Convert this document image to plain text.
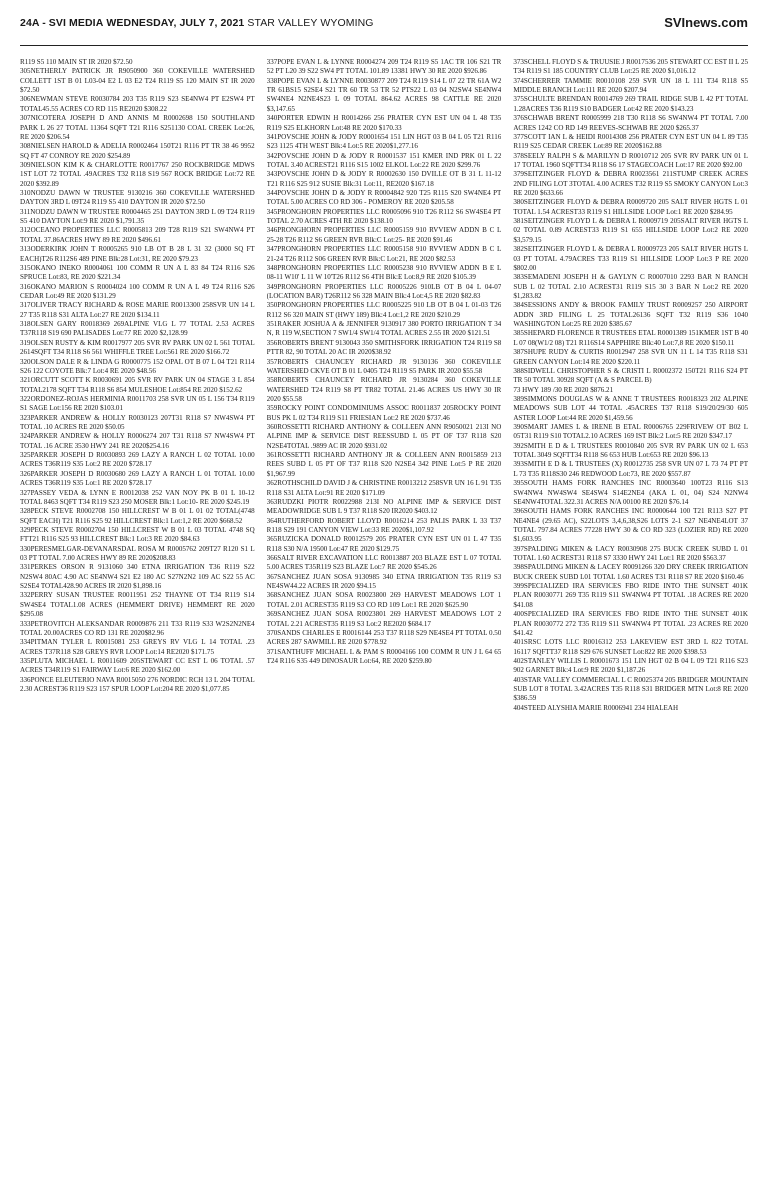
24A - SVI MEDIA WEDNESDAY, JULY 7, 2021 STAR VALLEY WYOMING	SVInews.com
R119 S5 110 MAIN ST IR 2020 $72.50
305NETHERLY PATRICK JR R9050900 360 COKEVILLE WATERSHED COLLETT 1ST B 01 L03-04 E2 L 03 E2 T24 R119 S5 120 MAIN ST IR 2020 $72.50
306NEWMAN STEVE R0030784 203 T35 R119 S23 SE4NW4 PT E2SW4 PT TOTAL45.55 ACRES CO RD 115 RE2020 $308.22
307NICOTERA JOSEPH D AND ANNIS M R0002698 150 SOUTHLAND PARK L 26 27 TOTAL 11364 SQFT T21 R116 S251130 COAL CREEK Lot:26, RE 2020 $206.54
308NIELSEN HAROLD & ADELIA R0002464 150T21 R116 PT TR 38 46 9952 SQ FT 47 CONROY RE 2020 $254.89
309NIELSON KIM K & CHARLOTTE R0017767 250 ROCKBRIDGE MDWS 1ST LOT 72 TOTAL .49ACRES T32 R118 S19 567 ROCK BRIDGE Lot:72 RE 2020 $392.89
310NODZU DAWN W TRUSTEE 9130216 360 COKEVILLE WATERSHED DAYTON 3RD L 09T24 R119 S5 410 DAYTON IR 2020 $72.50
311NODZU DAWN W TRUSTEE R0004465 251 DAYTON 3RD L 09 T24 R119 S5 410 DAYTON Lot:9 RE 2020 $1,791.35
312OCEANO PROPERTIES LLC R0005813 209 T28 R119 S21 SW4NW4 PT TOTAL 37.86ACRES HWY 89 RE 2020 $496.61
313ODERKIRK JOHN T R0005265 910 LB OT B 28 L 31 32 (3000 SQ FT EACH)T26 R112S6 489 PINE Blk:28 Lot:31, RE 2020 $79.23
315OKANO INEKO R0004061 100 COMM R UN A L 83 84 T24 R116 S26 SPRUCE Lot:83, RE 2020 $221.34
316OKANO MARION S R0004024 100 COMM R UN A L 49 T24 R116 S26 CEDAR Lot:49 RE 2020 $131.29
317OLIVER TRACY RICHARD & ROSE MARIE R0013300 258SVR UN 14 L 27 T35 R118 S31 ALTA Lot:27 RE 2020 $134.11
318OLSEN GARY R0018369 269ALPINE VLG L 77 TOTAL 2.53 ACRES T37R118 S19 690 PALISADES Lot:77 RE 2020 $2,128.99
319OLSEN RUSTY & KIM R0017977 205 SVR RV PARK UN 02 L 561 TOTAL 2614SQFT T34 R118 S6 561 WHIFFLE TREE Lot:561 RE 2020 $166.72
320OLSON DALE R & LINDA G R0000775 152 OPAL OT B 07 L 04 T21 R114 S26 122 COYOTE Blk:7 Lot:4 RE 2020 $48.56
321ORCUTT SCOTT K R0030691 205 SVR RV PARK UN 04 STAGE 3 L 854 TOTAL2178 SQFT T34 R118 S6 854 MULESHOE Lot:854 RE 2020 $152.62
322ORDONEZ-ROJAS HERMINIA R0011703 258 SVR UN 05 L 156 T34 R119 S1 SAGE Lot:156 RE 2020 $103.01
323PARKER ANDREW & HOLLY R0030123 207T31 R118 S7 NW4SW4 PT TOTAL .10 ACRES RE 2020 $50.05
324PARKER ANDREW & HOLLY R0006274 207 T31 R118 S7 NW4SW4 PT TOTAL .16 ACRE 3530 HWY 241 RE 2020$254.16
325PARKER JOSEPH D R0030893 269 LAZY A RANCH L 02 TOTAL 10.00 ACRES T36R119 S35 Lot:2 RE 2020 $728.17
326PARKER JOSEPH D R0030680 269 LAZY A RANCH L 01 TOTAL 10.00 ACRES T36R119 S35 Lot:1 RE 2020 $728.17
327PASSEY VEDA & LYNN E R0012038 252 VAN NOY PK B 01 L 10-12 TOTAL 8463 SQFT T34 R119 S23 250 MOSER Blk:1 Lot:10- RE 2020 $245.19
328PECK STEVE R0002708 150 HILLCREST W B 01 L 01 02 TOTAL(4748 SQFT EACH) T21 R116 S25 92 HILLCREST Blk:1 Lot:1,2 RE 2020 $668.52
329PECK STEVE R0002704 150 HILLCREST W B 01 L 03 TOTAL 4748 SQ FTT21 R116 S25 93 HILLCREST Blk:1 Lot:3 RE 2020 $84.63
330PERESMELGAR-DEVANARSDAL ROSA M R0005762 209T27 R120 S1 L 03 PT TOTAL 7.00 ACRES HWY 89 RE 2020$208.83
331PERKES ORSON R 9131060 340 ETNA IRRIGATION T36 R119 S22 N2SW4 80AC 4.90 AC SE4NW4 S21 E2 180 AC S27N2N2 109 AC S22 55 AC S2SE4 TOTAL428.90 ACRES IR 2020 $1,898.16
332PERRY SUSAN TRUSTEE R0011951 252 THAYNE OT T34 R119 S14 SW4SE4 TOTAL1.08 ACRES (HEMMERT DRIVE) HEMMERT RE 2020 $295.08
333PETROVITCH ALEKSANDAR R0009876 211 T33 R119 S33 W2S2N2NE4 TOTAL 20.00ACRES CO RD 131 RE 2020$82.96
334PITMAN TYLER L R0015081 253 GREYS RV VLG L 14 TOTAL .23 ACRES T37R118 S28 GREYS RVR LOOP Lot:14 RE2020 $171.75
335PLUTA MICHAEL L R0011609 205STEWART CC EST L 06 TOTAL .57 ACRES T34R119 S1 FAIRWAY Lot:6 RE 2020 $162.00
336PONCE ELEUTERIO NAVA R0015050 276 NORDIC RCH 13 L 204 TOTAL 2.30 ACREST36 R119 S23 157 SPUR LOOP Lot:204 RE 2020 $1,077.85
337POPE EVAN L & LYNNE R0004274 209 T24 R119 S5 1AC TR 106 S21 TR 52 PT L20 39 S22 SW4 PT TOTAL 101.89 13381 HWY 30 RE 2020 $926.86
338POPE EVAN L & LYNNE R0030877 209 T24 R119 S14 L 07 22 TR 61A W2 TR 61BS15 S2SE4 S21 TR 60 TR 53 TR 52 PTS22 L 03 04 N2SW4 SE4NW4 SW4NE4 N2NE4S23 L 09 TOTAL 864.62 ACRES 98 CATTLE RE 2020 $3,147.65
340PORTER EDWIN H R0014266 256 PRATER CYN EST UN 04 L 48 T35 R119 S25 ELKHORN Lot:48 RE 2020 $170.33
341POVSCHE JOHN & JODY R0001654 151 LIN HGT 03 B 04 L 05 T21 R116 S23 1125 4TH WEST Blk:4 Lot:5 RE 2020$1,277.16
342POVSCHE JOHN D & JODY R R0001537 151 KMER IND PRK 01 L 22 TOTAL 3.40 ACREST21 R116 S15 1002 ELKOL Lot:22 RE 2020 $299.76
343POVSCHE JOHN D & JODY R R0002630 150 DVILLE OT B 31 L 11-12 T21 R116 S25 912 SUSIE Blk:31 Lot:11, RE2020 $167.18
344POVSCHE JOHN D & JODY R R0004842 920 T25 R115 S20 SW4NE4 PT TOTAL 5.00 ACRES CO RD 306 - POMEROY RE 2020 $205.58
345PRONGHORN PROPERTIES LLC R0005096 910 T26 R112 S6 SW4SE4 PT TOTAL 2.70 ACRES 4TH RE 2020 $138.10
346PRONGHORN PROPERTIES LLC R0005159 910 RVVIEW ADDN B C L 25-28 T26 R112 S6 GREEN RVR Blk:C Lot:25- RE 2020 $91.46
347PRONGHORN PROPERTIES LLC R0005158 910 RVVIEW ADDN B C L 21-24 T26 R112 S06 GREEN RVR Blk:C Lot:21, RE 2020 $82.53
348PRONGHORN PROPERTIES LLC R0005238 910 RVVIEW ADDN B E L 08-11 W10' L 11 W 10'T26 R112 S6 4TH Blk:E Lot:8,9 RE 2020 $105.39
349PRONGHORN PROPERTIES LLC R0005226 910LB OT B 04 L 04-07 (LOCATION BAR) T26R112 S6 328 MAIN Blk:4 Lot:4,5 RE 2020 $82.83
350PRONGHORN PROPERTIES LLC R0005225 910 LB OT B 04 L 01-03 T26 R112 S6 320 MAIN ST (HWY 189) Blk:4 Lot:1,2 RE 2020 $210.29
351RAKER JOSHUA A & JENNIFER 9130917 380 PORTO IRRIGATION T 34 N, R 119 W,SECTION 7 SW1/4 SW1/4 TOTAL ACRES 2.55 IR 2020 $121.51
356ROBERTS BRENT 9130043 350 SMITHSFORK IRRIGATION T24 R119 S8 PTTR 82, 90 TOTAL 20 AC IR 2020$38.92
357ROBERTS CHAUNCEY RICHARD JR 9130136 360 COKEVILLE WATERSHED CKVE OT B 01 L 0405 T24 R119 S5 PARK IR 2020 $55.58
358ROBERTS CHAUNCEY RICHARD JR 9130284 360 COKEVILLE WATERSHED T24 R119 S8 PT TR82 TOTAL 21.46 ACRES US HWY 30 IR 2020 $55.58
359ROCKY POINT CONDOMINIUMS ASSOC R0011837 205ROCKY POINT BUS PK L 02 T34 R119 S11 FRIESIAN Lot:2 RE 2020 $737.46
360ROSSETTI RICHARD ANTHONY & COLLEEN ANN R9050021 213I NO ALPINE IMP & SERVICE DIST REESSUBD L 05 PT OF T37 R118 S20 N2SE4TOTAL .9899 AC IR 2020 $931.02
361ROSSETTI RICHARD ANTHONY JR & COLLEEN ANN R0015859 213 REES SUBD L 05 PT OF T37 R118 S20 N2SE4 342 PINE Lot:5 P RE 2020 $1,967.99
362ROTHSCHILD DAVID J & CHRISTINE R0013212 258SVR UN 16 L 91 T35 R118 S31 ALTA Lot:91 RE 2020 $171.09
363RUDZKI PIOTR R0022988 213I NO ALPINE IMP & SERVICE DIST MEADOWRIDGE SUB L 9 T37 R118 S20 IR2020 $403.12
364RUTHERFORD ROBERT LLOYD R0016214 253 PALIS PARK L 33 T37 R118 S29 191 CANYON VIEW Lot:33 RE 2020$1,107.92
365RUZICKA DONALD R0012579 205 PRATER CYN EST UN 01 L 47 T35 R118 S30 N/A 19500 Lot:47 RE 2020 $129.75
366SALT RIVER EXCAVATION LLC R0013887 203 BLAZE EST L 07 TOTAL 5.00 ACRES T35R119 S23 BLAZE Lot:7 RE 2020 $545.26
367SANCHEZ JUAN SOSA 9130985 340 ETNA IRRIGATION T35 R119 S3 NE4SW44.22 ACRES IR 2020 $94.15
368SANCHEZ JUAN SOSA R0023800 269 HARVEST MEADOWS LOT 1 TOTAL 2.01 ACREST35 R119 S3 CO RD 109 Lot:1 RE 2020 $625.90
369SANCHEZ JUAN SOSA R0023801 269 HARVEST MEADOWS LOT 2 TOTAL 2.21 ACREST35 R119 S3 Lot:2 RE2020 $684.17
370SANDS CHARLES E R0016144 253 T37 R118 S29 NE4SE4 PT TOTAL 0.50 ACRES 287 SAWMILL RE 2020 $778.92
371SANTHUFF MICHAEL L & PAM S R0004166 100 COMM R UN J L 64 65 T24 R116 S35 449 DINOSAUR Lot:64, RE 2020 $259.80
373SCHELL FLOYD S & TRUUSIE J R0017536 205 STEWART CC EST II L 25 T34 R119 S1 185 COUNTRY CLUB Lot:25 RE 2020 $1,016.12
374SCHERRER TAMMIE R0010108 259 SVR UN 18 L 111 T34 R118 S5 MIDDLE BRANCH Lot:111 RE 2020 $207.94
375SCHULTE BRENDAN R0014769 269 TRAIL RIDGE SUB L 42 PT TOTAL 1.28ACRES T36 R119 S10 BADGER Lot:42 RE 2020 $143.23
376SCHWAB BRENT R0005999 218 T30 R118 S6 SW4NW4 PT TOTAL 7.00 ACRES 1242 CO RD 149 REEVES-SCHWAB RE 2020 $265.37
377SCOTT IAN L & HEIDI R0014308 256 PRATER CYN EST UN 04 L 89 T35 R119 S25 CEDAR CREEK Lot:89 RE 2020$162.88
378SEELY RALPH S & MARILYN D R0010712 205 SVR RV PARK UN 01 L 17 TOTAL 1960 SQFTT34 R118 S6 17 STAGECOACH Lot:17 RE 2020 $92.00
379SEITZINGER FLOYD & DEBRA R0023561 211STUMP CREEK ACRES 2ND FILING LOT 3TOTAL 4.00 ACRES T32 R119 S5 SMOKY CANYON Lot:3 RE 2020 $633.66
380SEITZINGER FLOYD & DEBRA R0009720 205 SALT RIVER HGTS L 01 TOTAL 1.54 ACREST33 R119 S1 HILLSIDE LOOP Lot:1 RE 2020 $284.95
381SEITZINGER FLOYD L & DEBRA L R0009719 205SALT RIVER HGTS L 02 TOTAL 0.89 ACREST33 R119 S1 655 HILLSIDE LOOP Lot:2 RE 2020 $3,579.15
382SEITZINGER FLOYD L & DEBRA L R0009723 205 SALT RIVER HGTS L 03 PT TOTAL 4.79ACRES T33 R119 S1 HILLSIDE LOOP Lot:3 P RE 2020 $802.00
383SEMADENI JOSEPH H & GAYLYN C R0007010 2293 BAR N RANCH SUB L 02 TOTAL 2.10 ACREST31 R119 S15 30 3 BAR N Lot:2 RE 2020 $1,283.82
384SESSIONS ANDY & BROOK FAMILY TRUST R0009257 250 AIRPORT ADDN 3RD FILING L 25 TOTAL26136 SQFT T32 R119 S36 1040 WASHINGTON Lot:25 RE 2020 $385.67
385SHEPARD FLORENCE R TRUSTEES ETAL R0001389 151KMER 1ST B 40 L 07 08(W1/2 08) T21 R116S14 SAPPHIRE Blk:40 Lot:7,8 RE 2020 $150.11
387SHUPE RUDY & CURTIS R0012947 258 SVR UN 11 L 14 T35 R118 S31 GREEN CANYON Lot:14 RE 2020 $220.11
388SIDWELL CHRISTOPHER S & CRISTI L R0002372 150T21 R116 S24 PT TR 50 TOTAL 30928 SQFT (A & S PARCEL B)
73 HWY 189 /30 RE 2020 $876.21
389SIMMONS DOUGLAS W & ANNE T TRUSTEES R0018323 202 ALPINE MEADOWS SUB LOT 44 TOTAL .45ACRES T37 R118 S19/20/29/30 605 ASTER LOOP Lot:44 RE 2020 $1,459.56
390SMART JAMES L & IRENE B ETAL R0006765 229FRIVEW OT B02 L 05T31 R119 S10 TOTAL2.10 ACRES 169 IST Blk:2 Lot:5 RE 2020 $347.17
392SMITH E D & L TRUSTEES R0010840 205 SVR RV PARK UN 02 L 653 TOTAL 3049 SQFTT34 R118 S6 653 HUB Lot:653 RE 2020 $96.13
393SMITH E D & L TRUSTEES (X) R0012735 258 SVR UN 07 L 73 74 PT PT L 73 T35 R118S30 246 REDWOOD Lot:73, RE 2020 $557.87
395SOUTH HAMS FORK RANCHES INC R0003640 100T23 R116 S13 SW4NW4 NW4SW4 SE4SW4 S14E2NE4 (AKA L 01, 04) S24 N2NW4 SE4NW4TOTAL 322.31 ACRES N/A 00100 RE 2020 $76.14
396SOUTH HAMS FORK RANCHES INC R0000644 100 T21 R113 S27 PT NE4NE4 (29.65 AC), S22LOTS 3,4,6,38,S26 LOTS 2-1 S27 NE4NE4LOT 37 TOTAL 797.84 ACRES 77228 HWY 30 & CO RD 323 (LOZIER RD) RE 2020 $1,603.95
397SPALDING MIKEN & LACY R0030908 275 BUCK CREEK SUBD L 01 TOTAL 1.60 ACREST31 R118 S7 3330 HWY 241 Lot:1 RE 2020 $563.37
398SPAULDING MIKEN & LACEY R0091266 320 DRY CREEK IRRIGATION BUCK CREEK SUBD L01 TOTAL 1.60 ACRES T31 R118 S7 RE 2020 $160.46
399SPECIALIZED IRA SERVICES FBO RIDE INTO THE SUNSET 401K PLAN R0030771 269 T35 R119 S11 SW4NW4 PT TOTAL .18 ACRES RE 2020 $41.08
400SPECIALIZED IRA SERVICES FBO RIDE INTO THE SUNSET 401K PLAN R0030772 272 T35 R119 S11 SW4NW4 PT TOTAL .23 ACRES RE 2020 $41.42
401SRSC LOTS LLC R0016312 253 LAKEVIEW EST 3RD L 822 TOTAL 16117 SQFTT37 R118 S29 676 SUNSET Lot:822 RE 2020 $398.53
402STANLEY WILLIS L R0001673 151 LIN HGT 02 B 04 L 09 T21 R116 S23 902 GARNET Blk:4 Lot:9 RE 2020 $1,187.26
403STAR VALLEY COMMERCIAL L C R0025374 205 BRIDGER MOUNTAIN SUB LOT 8 TOTAL 3.42ACRES T35 R118 S31 BRIDGER MTN Lot:8 RE 2020 $386.59
404STEED ALYSHIA MARIE R0006941 234 HIALEAH
